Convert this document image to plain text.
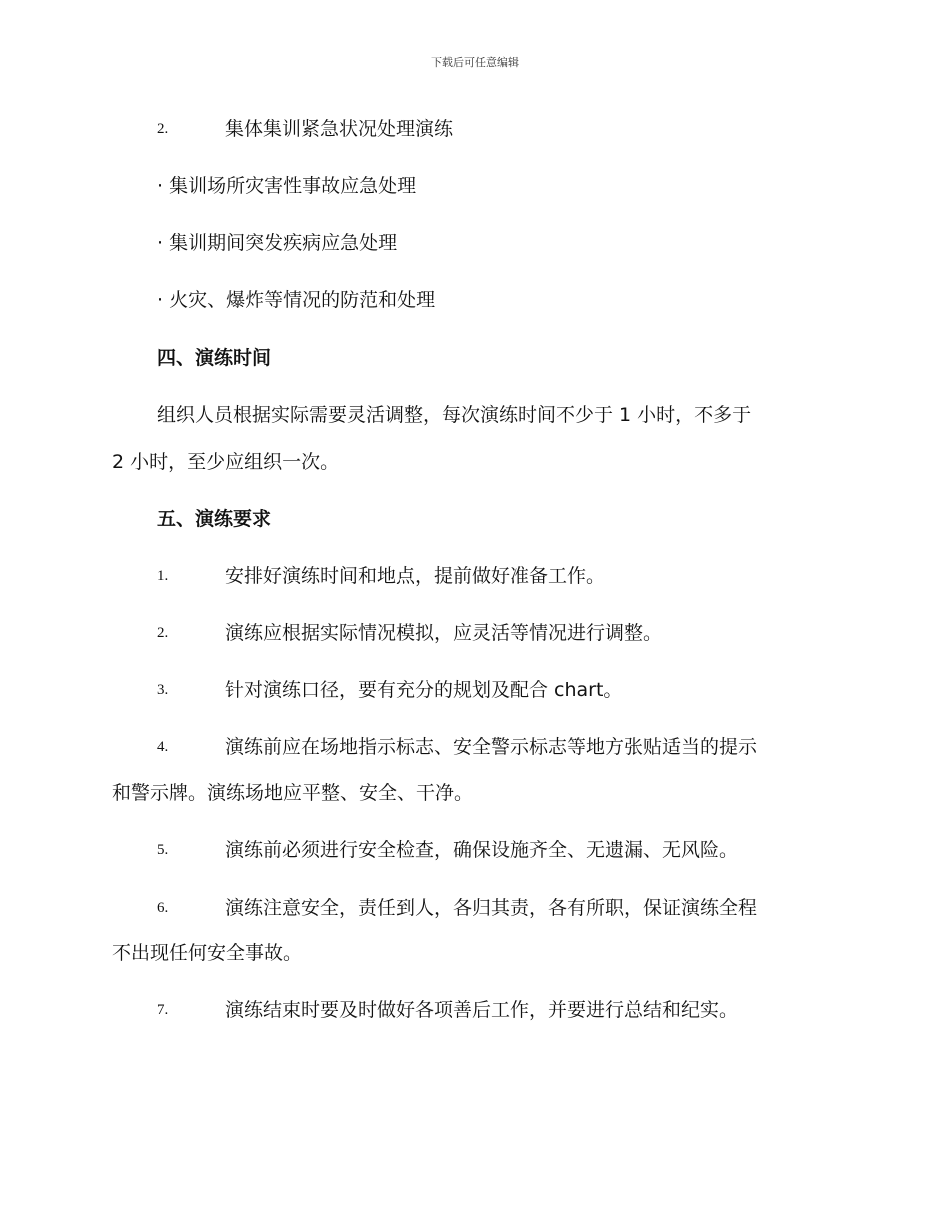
下载后可任意编辑
2.	集体集训紧急状况处理演练
· 集训场所灾害性事故应急处理
· 集训期间突发疾病应急处理
· 火灾、爆炸等情况的防范和处理
四、演练时间
组织人员根据实际需要灵活调整，每次演练时间不少于 1 小时，不多于
2 小时，至少应组织一次。
五、演练要求
1.	安排好演练时间和地点，提前做好准备工作。
2.	演练应根据实际情况模拟，应灵活等情况进行调整。
3.	针对演练口径，要有充分的规划及配合 chart。
4.	演练前应在场地指示标志、安全警示标志等地方张贴适当的提示
和警示牌。演练场地应平整、安全、干净。
5.	演练前必须进行安全检查，确保设施齐全、无遗漏、无风险。
6.	演练注意安全，责任到人，各归其责，各有所职，保证演练全程
不出现任何安全事故。
7.	演练结束时要及时做好各项善后工作，并要进行总结和纪实。
